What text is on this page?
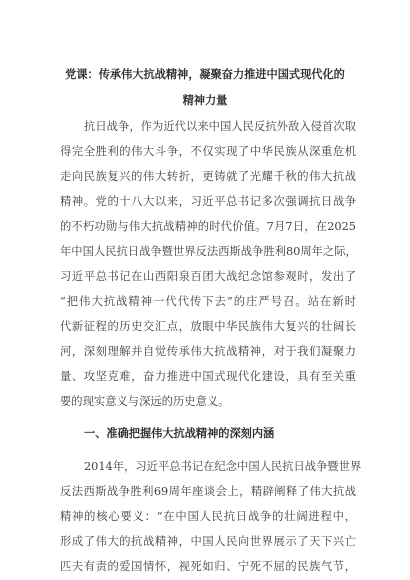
党课：传承伟大抗战精神，凝聚奋力推进中国式现代化的
精神力量
抗日战争，作为近代以来中国人民反抗外敌入侵首次取
得完全胜利的伟大斗争，不仅实现了中华民族从深重危机
走向民族复兴的伟大转折，更铸就了光耀千秋的伟大抗战
精神。党的十八大以来，习近平总书记多次强调抗日战争
的不朽功勋与伟大抗战精神的时代价值。7月7日，在2025
年中国人民抗日战争暨世界反法西斯战争胜利80周年之际，
习近平总书记在山西阳泉百团大战纪念馆参观时，发出了
“把伟大抗战精神一代代传下去”的庄严号召。站在新时
代新征程的历史交汇点，放眼中华民族伟大复兴的壮阔长
河，深刻理解并自觉传承伟大抗战精神，对于我们凝聚力
量、攻坚克难，奋力推进中国式现代化建设，具有至关重
要的现实意义与深远的历史意义。
一、准确把握伟大抗战精神的深刻内涵
2014年，习近平总书记在纪念中国人民抗日战争暨世界
反法西斯战争胜利69周年座谈会上，精辟阐释了伟大抗战
精神的核心要义：“在中国人民抗日战争的壮阔进程中，
形成了伟大的抗战精神，中国人民向世界展示了天下兴亡
匹夫有责的爱国情怀，视死如归、宁死不屈的民族气节，
